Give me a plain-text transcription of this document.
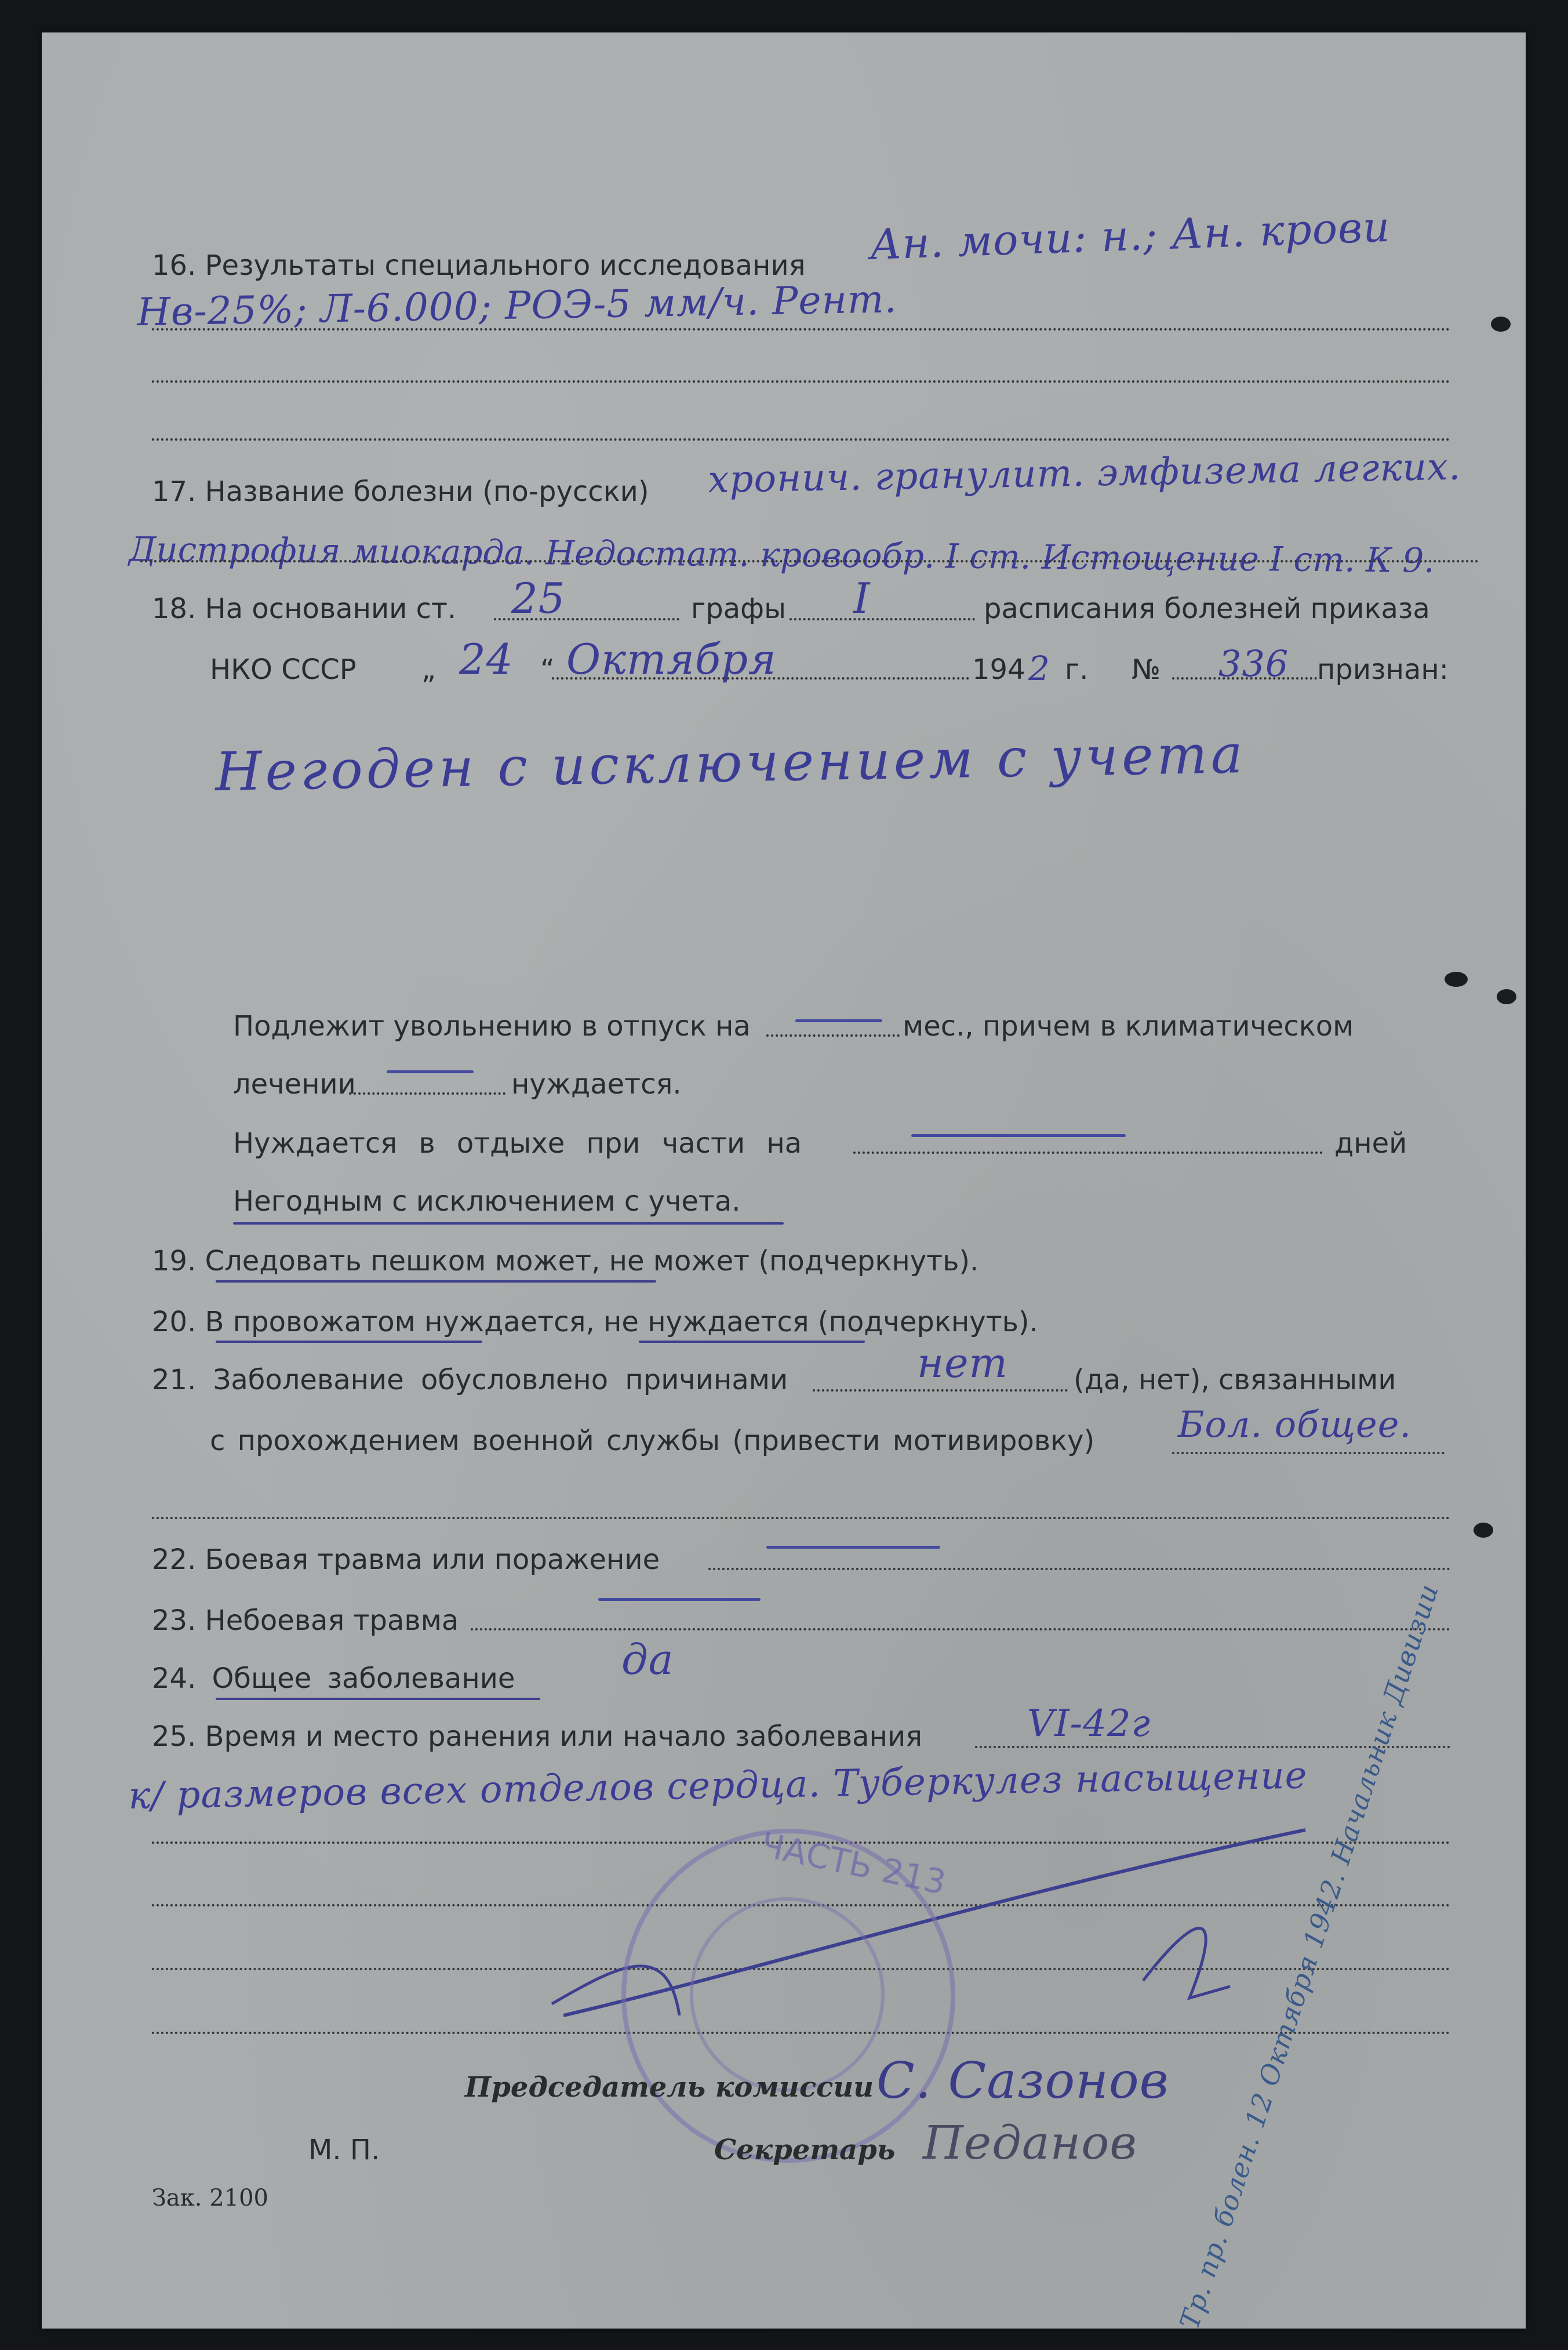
16. Результаты специального исследования Ан. мочи: н.; Ан. крови
Нв-25%; Л-6.000; РОЭ-5 мм/ч. Рент.
17. Название болезни (по-русски) хронич. гранулит. эмфизема легких.
Дистрофия миокарда. Недостат. кровообр. I ст. Истощение I ст. К 9.
18. На основании ст. 25	графы I	расписания болезней приказа
НКО СССР „ 24 “ Октября	194 2 г. № 336 признан:
Негоден с исключением с учета
Подлежит увольнению в отпуск на	мес., причем в климатическом
лечении	нуждается.
Нуждается в отдыхе при части на	дней
Негодным с исключением с учета.
19. Следовать пешком может, не может (подчеркнуть).
20. В провожатом нуждается, не нуждается (подчеркнуть).
21. Заболевание обусловлено причинами	нет (да, нет), связанными
с прохождением военной службы (привести мотивировку) Бол. общее.
22. Боевая травма или поражение
23. Небоевая травма
24. Общее заболевание	да
25. Время и место ранения или начало заболевания	VI-42г
к/ размеров всех отделов сердца. Туберкулез насыщение
ЧАСТЬ 213
Председатель комиссии С. Сазонов
М. П.	Секретарь Педанов
Зак. 2100	Тр. пр. болен. 12 Октября 1942. Начальник Дивизии
